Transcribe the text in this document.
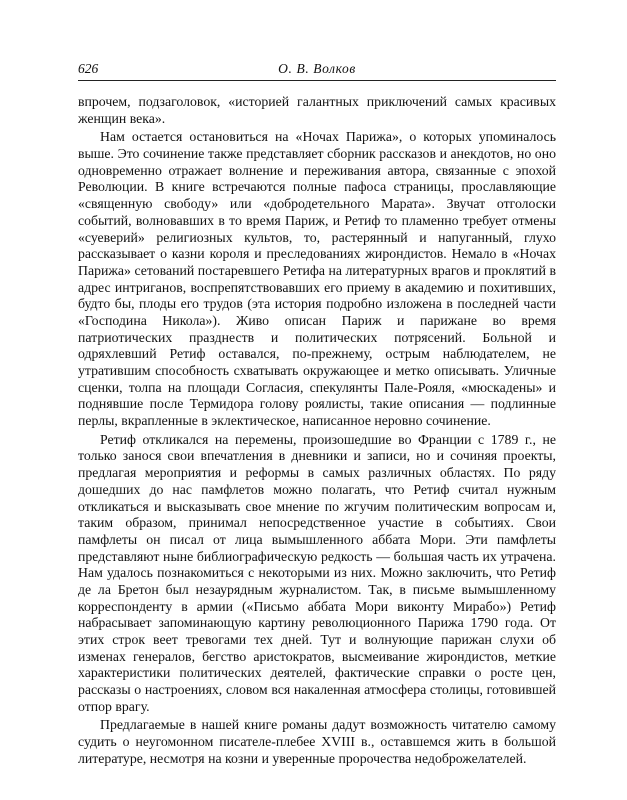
626	О. В. Волков

впрочем, подзаголовок, «историей галантных приключений самых красивых женщин века».

Нам остается остановиться на «Ночах Парижа», о которых упоминалось выше. Это сочинение также представляет сборник рассказов и анекдотов, но оно одновременно отражает волнение и переживания автора, связанные с эпохой Революции. В книге встречаются полные пафоса страницы, прославляющие «священную свободу» или «добродетельного Марата». Звучат отголоски событий, волновавших в то время Париж, и Ретиф то пламенно требует отмены «суеверий» религиозных культов, то, растерянный и напуганный, глухо рассказывает о казни короля и преследованиях жирондистов. Немало в «Ночах Парижа» сетований постаревшего Ретифа на литературных врагов и проклятий в адрес интриганов, воспрепятствовавших его приему в академию и похитивших, будто бы, плоды его трудов (эта история подробно изложена в последней части «Господина Никола»). Живо описан Париж и парижане во время патриотических празднеств и политических потрясений. Больной и одряхлевший Ретиф оставался, по-прежнему, острым наблюдателем, не утратившим способность схватывать окружающее и метко описывать. Уличные сценки, толпа на площади Согласия, спекулянты Пале-Рояля, «мюскадены» и поднявшие после Термидора голову роялисты, такие описания — подлинные перлы, вкрапленные в эклектическое, написанное неровно сочинение.

Ретиф откликался на перемены, произошедшие во Франции с 1789 г., не только занося свои впечатления в дневники и записи, но и сочиняя проекты, предлагая мероприятия и реформы в самых различных областях. По ряду дошедших до нас памфлетов можно полагать, что Ретиф считал нужным откликаться и высказывать свое мнение по жгучим политическим вопросам и, таким образом, принимал непосредственное участие в событиях. Свои памфлеты он писал от лица вымышленного аббата Мори. Эти памфлеты представляют ныне библиографическую редкость — большая часть их утрачена. Нам удалось познакомиться с некоторыми из них. Можно заключить, что Ретиф де ла Бретон был незаурядным журналистом. Так, в письме вымышленному корреспонденту в армии («Письмо аббата Мори виконту Мирабо») Ретиф набрасывает запоминающую картину революционного Парижа 1790 года. От этих строк веет тревогами тех дней. Тут и волнующие парижан слухи об изменах генералов, бегство аристократов, высмеивание жирондистов, меткие характеристики политических деятелей, фактические справки о росте цен, рассказы о настроениях, словом вся накаленная атмосфера столицы, готовившей отпор врагу.

Предлагаемые в нашей книге романы дадут возможность читателю самому судить о неугомонном писателе-плебее XVIII в., оставшемся жить в большой литературе, несмотря на козни и уверенные пророчества недоброжелателей.
